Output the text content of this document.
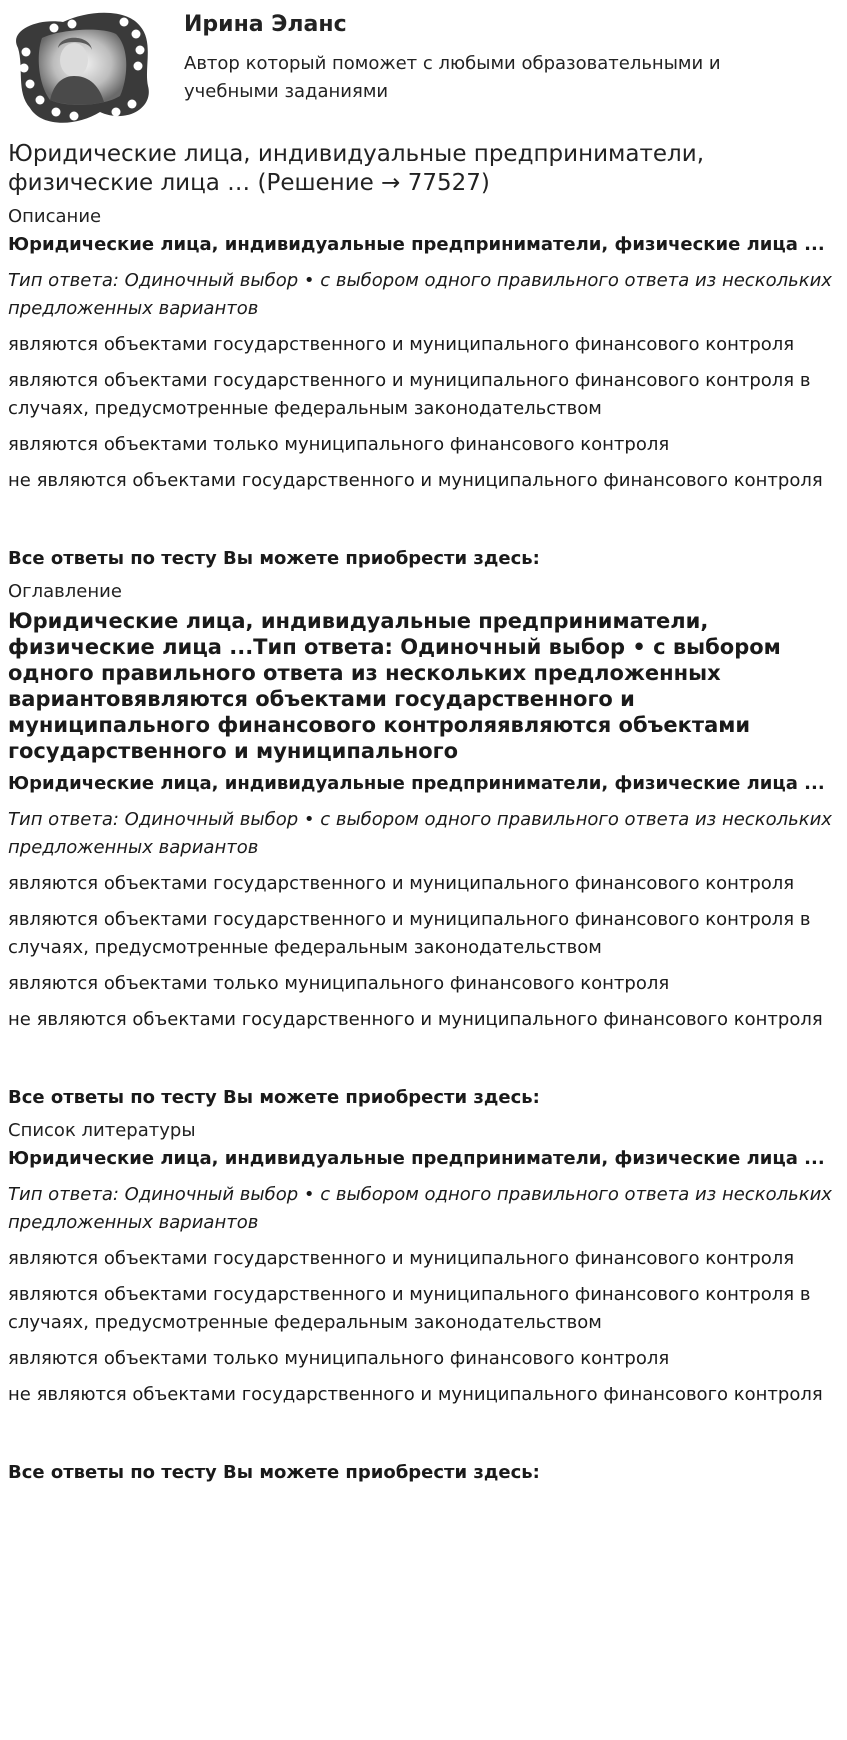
Ирина Эланс
Автор который поможет с любыми образовательными и учебными заданиями
Юридические лица, индивидуальные предприниматели, физические лица … (Решение → 77527)
Описание
Юридические лица, индивидуальные предприниматели, физические лица ...
Тип ответа: Одиночный выбор • с выбором одного правильного ответа из нескольких предложенных вариантов
являются объектами государственного и муниципального финансового контроля
являются объектами государственного и муниципального финансового контроля в случаях, предусмотренные федеральным законодательством
являются объектами только муниципального финансового контроля
не являются объектами государственного и муниципального финансового контроля
Все ответы по тесту Вы можете приобрести здесь:
Оглавление
Юридические лица, индивидуальные предприниматели, физические лица ...Тип ответа: Одиночный выбор • с выбором одного правильного ответа из нескольких предложенных вариантовявляются объектами государственного и муниципального финансового контроляявляются объектами государственного и муниципального
Юридические лица, индивидуальные предприниматели, физические лица ...
Тип ответа: Одиночный выбор • с выбором одного правильного ответа из нескольких предложенных вариантов
являются объектами государственного и муниципального финансового контроля
являются объектами государственного и муниципального финансового контроля в случаях, предусмотренные федеральным законодательством
являются объектами только муниципального финансового контроля
не являются объектами государственного и муниципального финансового контроля
Все ответы по тесту Вы можете приобрести здесь:
Список литературы
Юридические лица, индивидуальные предприниматели, физические лица ...
Тип ответа: Одиночный выбор • с выбором одного правильного ответа из нескольких предложенных вариантов
являются объектами государственного и муниципального финансового контроля
являются объектами государственного и муниципального финансового контроля в случаях, предусмотренные федеральным законодательством
являются объектами только муниципального финансового контроля
не являются объектами государственного и муниципального финансового контроля
Все ответы по тесту Вы можете приобрести здесь:
